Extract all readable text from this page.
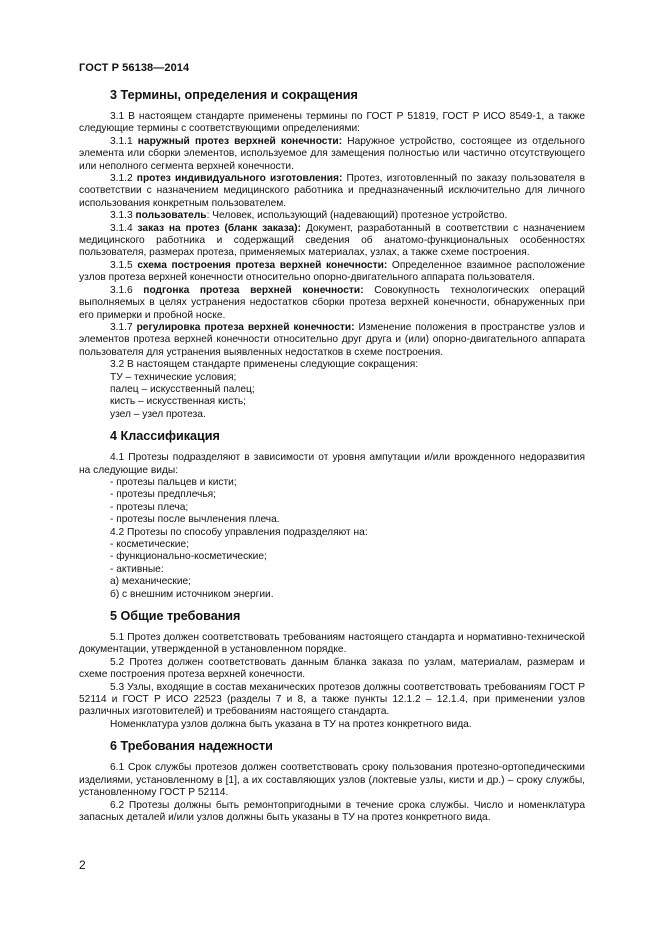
ГОСТ Р 56138—2014
3 Термины, определения и сокращения

3.1 В настоящем стандарте применены термины по ГОСТ Р 51819, ГОСТ Р ИСО 8549-1, а также следующие термины с соответствующими определениями:

3.1.1 наружный протез верхней конечности: Наружное устройство, состоящее из отдельного элемента или сборки элементов, используемое для замещения полностью или частично отсутствующего или неполного сегмента верхней конечности.

3.1.2 протез индивидуального изготовления: Протез, изготовленный по заказу пользователя в соответствии с назначением медицинского работника и предназначенный исключительно для личного использования конкретным пользователем.

3.1.3 пользователь: Человек, использующий (надевающий) протезное устройство.

3.1.4 заказ на протез (бланк заказа): Документ, разработанный в соответствии с назначением медицинского работника и содержащий сведения об анатомо-функциональных особенностях пользователя, размерах протеза, применяемых материалах, узлах, а также схеме построения.

3.1.5 схема построения протеза верхней конечности: Определенное взаимное расположение узлов протеза верхней конечности относительно опорно-двигательного аппарата пользователя.

3.1.6 подгонка протеза верхней конечности: Совокупность технологических операций выполняемых в целях устранения недостатков сборки протеза верхней конечности, обнаруженных при его примерки и пробной носке.

3.1.7 регулировка протеза верхней конечности: Изменение положения в пространстве узлов и элементов протеза верхней конечности относительно друг друга и (или) опорно-двигательного аппарата пользователя для устранения выявленных недостатков в схеме построения.

3.2 В настоящем стандарте применены следующие сокращения:

ТУ – технические условия;
палец – искусственный палец;
кисть – искусственная кисть;
узел – узел протеза.
4 Классификация

4.1 Протезы подразделяют в зависимости от уровня ампутации и/или врожденного недоразвития на следующие виды:

- протезы пальцев и кисти;
- протезы предплечья;
- протезы плеча;
- протезы после вычленения плеча.

4.2 Протезы по способу управления подразделяют на:

- косметические;
- функционально-косметические;
- активные:
а) механические;
б) с внешним источником энергии.
5 Общие требования

5.1 Протез должен соответствовать требованиям настоящего стандарта и нормативно-технической документации, утвержденной в установленном порядке.

5.2 Протез должен соответствовать данным бланка заказа по узлам, материалам, размерам и схеме построения протеза верхней конечности.

5.3 Узлы, входящие в состав механических протезов должны соответствовать требованиям ГОСТ Р 52114 и ГОСТ Р ИСО 22523 (разделы 7 и 8, а также пункты 12.1.2 – 12.1.4, при применении узлов различных изготовителей) и требованиям настоящего стандарта.

Номенклатура узлов должна быть указана в ТУ на протез конкретного вида.

6 Требования надежности

6.1 Срок службы протезов должен соответствовать сроку пользования протезно-ортопедическими изделиями, установленному в [1], а их составляющих узлов (локтевые узлы, кисти и др.) – сроку службы, установленному ГОСТ Р 52114.

6.2 Протезы должны быть ремонтопригодными в течение срока службы. Число и номенклатура запасных деталей и/или узлов должны быть указаны в ТУ на протез конкретного вида.

2
